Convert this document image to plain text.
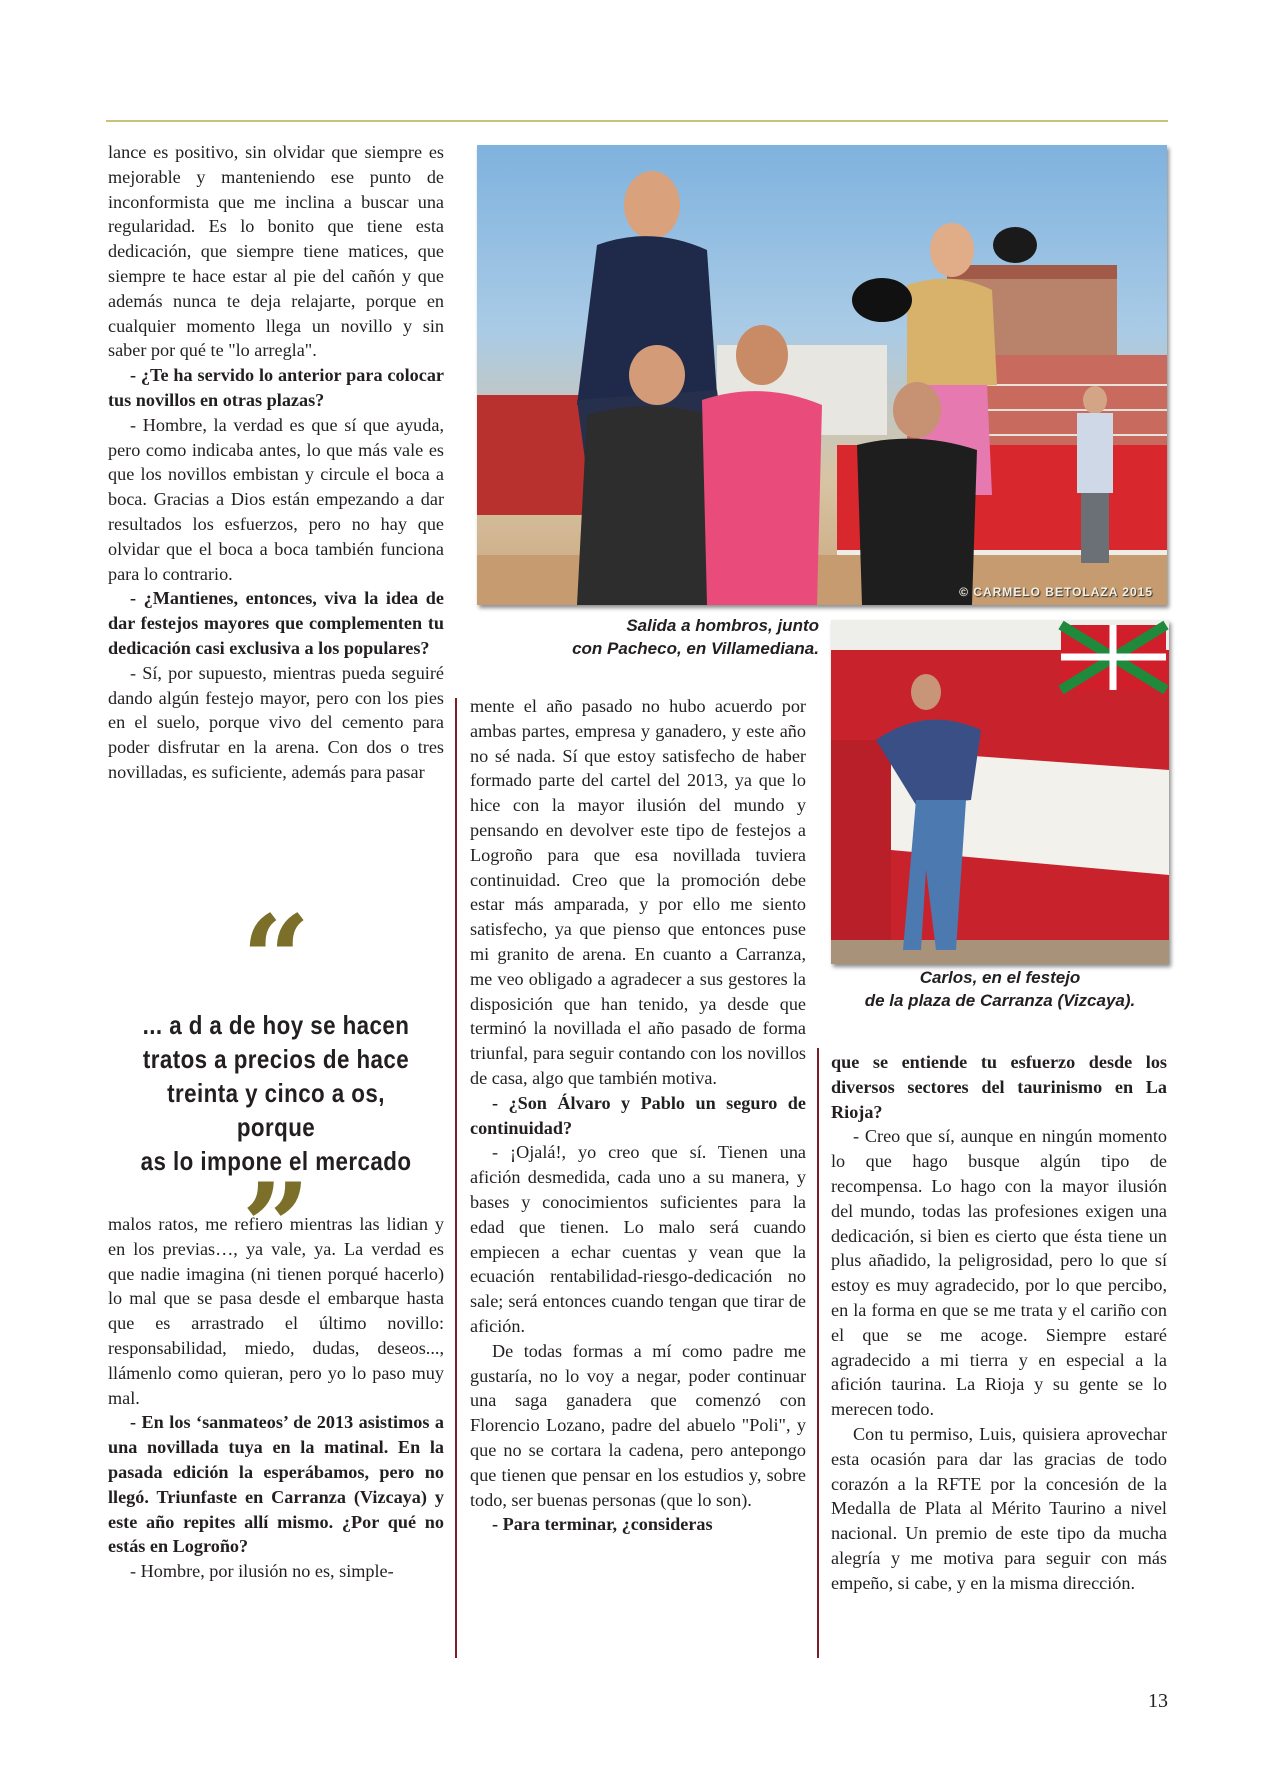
lance es positivo, sin olvidar que siempre es mejorable y manteniendo ese punto de inconformista que me inclina a buscar una regularidad. Es lo bonito que tiene esta dedicación, que siempre tiene matices, que siempre te hace estar al pie del cañón y que además nunca te deja relajarte, porque en cualquier momento llega un novillo y sin saber por qué te "lo arregla".

- ¿Te ha servido lo anterior para colocar tus novillos en otras plazas?

- Hombre, la verdad es que sí que ayuda, pero como indicaba antes, lo que más vale es que los novillos embistan y circule el boca a boca. Gracias a Dios están empezando a dar resultados los esfuerzos, pero no hay que olvidar que el boca a boca también funciona para lo contrario.

- ¿Mantienes, entonces, viva la idea de dar festejos mayores que complementen tu dedicación casi exclusiva a los populares?

- Sí, por supuesto, mientras pueda seguiré dando algún festejo mayor, pero con los pies en el suelo, porque vivo del cemento para poder disfrutar en la arena. Con dos o tres novilladas, es suficiente, además para pasar

“
... a d a de hoy se hacen
tratos a precios de hace
treinta y cinco a os, porque
as lo impone el mercado
”

malos ratos, me refiero mientras las lidian y en los previas…, ya vale, ya. La verdad es que nadie imagina (ni tienen porqué hacerlo) lo mal que se pasa desde el embarque hasta que es arrastrado el último novillo: responsabilidad, miedo, dudas, deseos..., llámenlo como quieran, pero yo lo paso muy mal.

- En los ‘sanmateos’ de 2013 asistimos a una novillada tuya en la matinal. En la pasada edición la esperábamos, pero no llegó. Triunfaste en Carranza (Vizcaya) y este año repites allí mismo. ¿Por qué no estás en Logroño?

- Hombre, por ilusión no es, simple-

© CARMELO BETOLAZA 2015
Salida a hombros, junto
con Pacheco, en Villamediana.
Carlos, en el festejo
de la plaza de Carranza (Vizcaya).

mente el año pasado no hubo acuerdo por ambas partes, empresa y ganadero, y este año no sé nada. Sí que estoy satisfecho de haber formado parte del cartel del 2013, ya que lo hice con la mayor ilusión del mundo y pensando en devolver este tipo de festejos a Logroño para que esa novillada tuviera continuidad. Creo que la promoción debe estar más amparada, y por ello me siento satisfecho, ya que pienso que entonces puse mi granito de arena. En cuanto a Carranza, me veo obligado a agradecer a sus gestores la disposición que han tenido, ya desde que terminó la novillada el año pasado de forma triunfal, para seguir contando con los novillos de casa, algo que también motiva.

- ¿Son Álvaro y Pablo un seguro de continuidad?

- ¡Ojalá!, yo creo que sí. Tienen una afición desmedida, cada uno a su manera, y bases y conocimientos suficientes para la edad que tienen. Lo malo será cuando empiecen a echar cuentas y vean que la ecuación rentabilidad-riesgo-dedicación no sale; será entonces cuando tengan que tirar de afición.

De todas formas a mí como padre me gustaría, no lo voy a negar, poder continuar una saga ganadera que comenzó con Florencio Lozano, padre del abuelo "Poli", y que no se cortara la cadena, pero antepongo que tienen que pensar en los estudios y, sobre todo, ser buenas personas (que lo son).

- Para terminar, ¿consideras

que se entiende tu esfuerzo desde los diversos sectores del taurinismo en La Rioja?

- Creo que sí, aunque en ningún momento lo que hago busque algún tipo de recompensa. Lo hago con la mayor ilusión del mundo, todas las profesiones exigen una dedicación, si bien es cierto que ésta tiene un plus añadido, la peligrosidad, pero lo que sí estoy es muy agradecido, por lo que percibo, en la forma en que se me trata y el cariño con el que se me acoge. Siempre estaré agradecido a mi tierra y en especial a la afición taurina. La Rioja y su gente se lo merecen todo.

Con tu permiso, Luis, quisiera aprovechar esta ocasión para dar las gracias de todo corazón a la RFTE por la concesión de la Medalla de Plata al Mérito Taurino a nivel nacional. Un premio de este tipo da mucha alegría y me motiva para seguir con más empeño, si cabe, y en la misma dirección.

13
